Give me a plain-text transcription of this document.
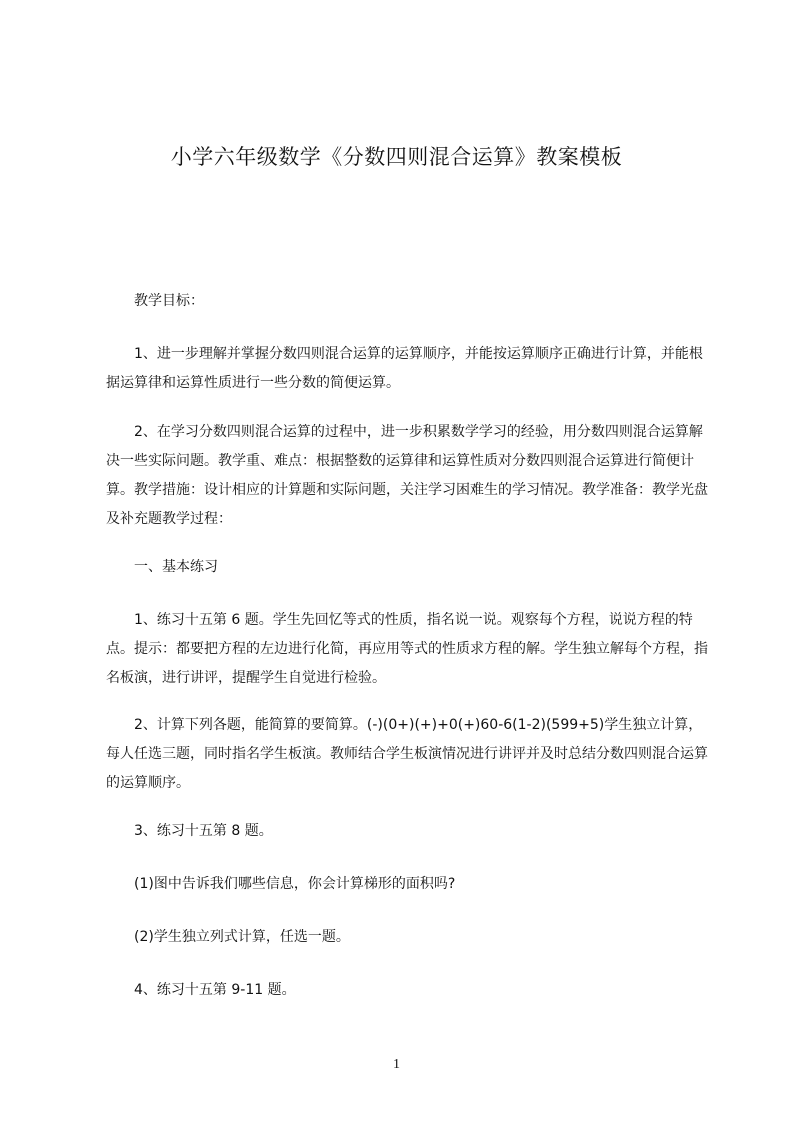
小学六年级数学《分数四则混合运算》教案模板
教学目标：
1、进一步理解并掌握分数四则混合运算的运算顺序，并能按运算顺序正确进行计算，并能根据运算律和运算性质进行一些分数的简便运算。
2、在学习分数四则混合运算的过程中，进一步积累数学学习的经验，用分数四则混合运算解决一些实际问题。教学重、难点：根据整数的运算律和运算性质对分数四则混合运算进行简便计算。教学措施：设计相应的计算题和实际问题，关注学习困难生的学习情况。教学准备：教学光盘及补充题教学过程：
一、基本练习
1、练习十五第 6 题。学生先回忆等式的性质，指名说一说。观察每个方程，说说方程的特点。提示：都要把方程的左边进行化简，再应用等式的性质求方程的解。学生独立解每个方程，指名板演，进行讲评，提醒学生自觉进行检验。
2、计算下列各题，能简算的要简算。(-)(0+)(+)+0(+)60-6(1-2)(599+5)学生独立计算，每人任选三题，同时指名学生板演。教师结合学生板演情况进行讲评并及时总结分数四则混合运算的运算顺序。
3、练习十五第 8 题。
(1)图中告诉我们哪些信息，你会计算梯形的面积吗?
(2)学生独立列式计算，任选一题。
4、练习十五第 9-11 题。
1
